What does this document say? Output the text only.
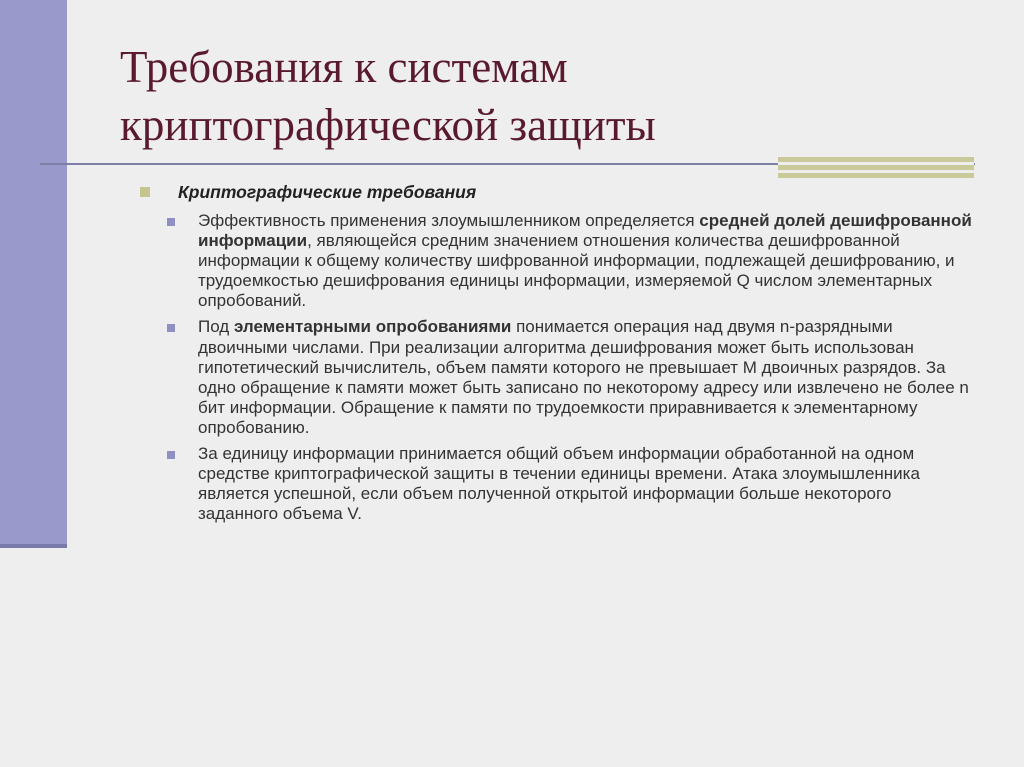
Требования к системам
криптографической защиты
Криптографические требования
Эффективность применения злоумышленником определяется средней долей дешифрованной информации, являющейся средним значением отношения количества дешифрованной информации к общему количеству шифрованной информации, подлежащей дешифрованию, и трудоемкостью дешифрования единицы информации, измеряемой Q числом элементарных опробований.
Под элементарными опробованиями понимается операция над двумя n-разрядными двоичными числами. При реализации алгоритма дешифрования может быть использован гипотетический вычислитель, объем памяти которого не превышает M двоичных разрядов. За одно обращение к памяти может быть записано по некоторому адресу или извлечено не более n бит информации. Обращение к памяти по трудоемкости приравнивается к элементарному опробованию.
За единицу информации принимается общий объем информации обработанной на одном средстве криптографической защиты в течении единицы времени. Атака злоумышленника является успешной, если объем полученной открытой информации больше некоторого заданного объема V.
